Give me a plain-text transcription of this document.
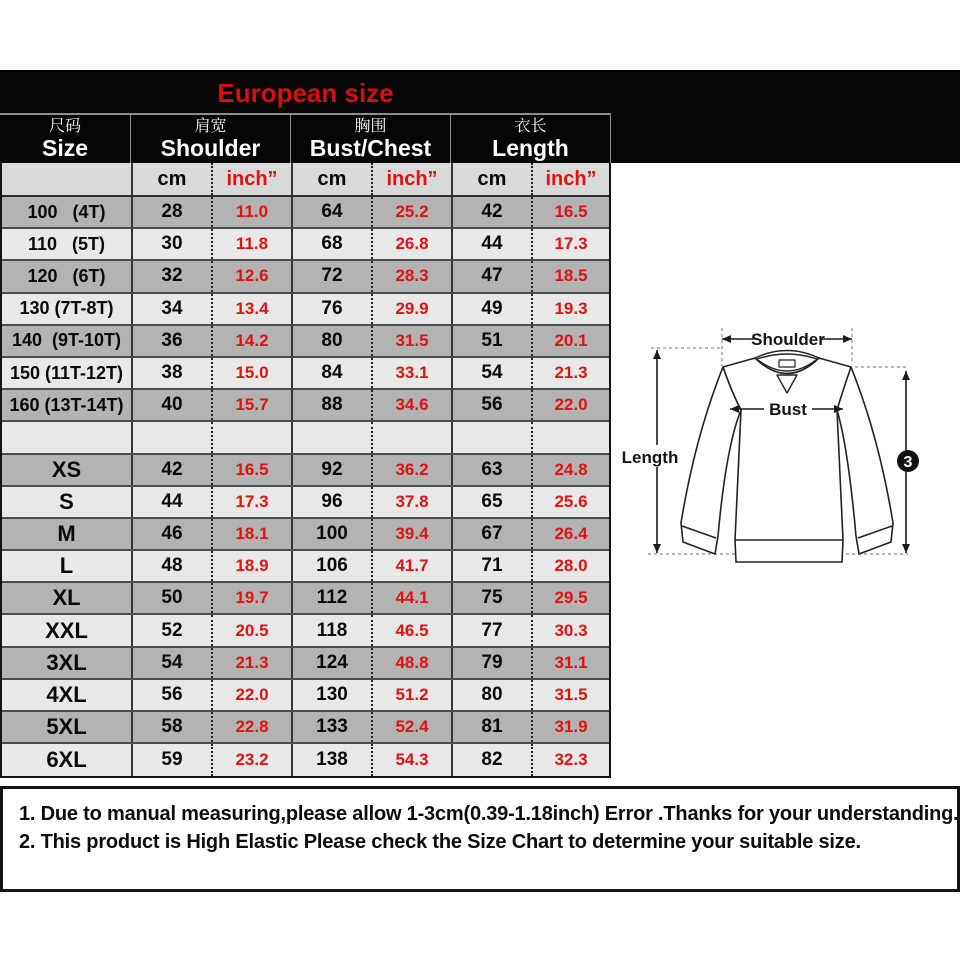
European size
尺码
Size
肩宽
Shoulder
胸围
Bust/Chest
衣长
Length
cm	inch”	cm	inch”	cm	inch”
100   (4T)	28	11.0	64	25.2	42	16.5
110   (5T)	30	11.8	68	26.8	44	17.3
120   (6T)	32	12.6	72	28.3	47	18.5
130 (7T-8T)	34	13.4	76	29.9	49	19.3
140  (9T-10T)	36	14.2	80	31.5	51	20.1
150 (11T-12T)	38	15.0	84	33.1	54	21.3
160 (13T-14T)	40	15.7	88	34.6	56	22.0
XS	42	16.5	92	36.2	63	24.8
S	44	17.3	96	37.8	65	25.6
M	46	18.1	100	39.4	67	26.4
L	48	18.9	106	41.7	71	28.0
XL	50	19.7	112	44.1	75	29.5
XXL	52	20.5	118	46.5	77	30.3
3XL	54	21.3	124	48.8	79	31.1
4XL	56	22.0	130	51.2	80	31.5
5XL	58	22.8	133	52.4	81	31.9
6XL	59	23.2	138	54.3	82	32.3
Shoulder
Bust
Length	3
1. Due to manual measuring,please allow 1-3cm(0.39-1.18inch) Error .Thanks for your understanding.
2. This product is High Elastic Please check the Size Chart to determine your suitable size.
